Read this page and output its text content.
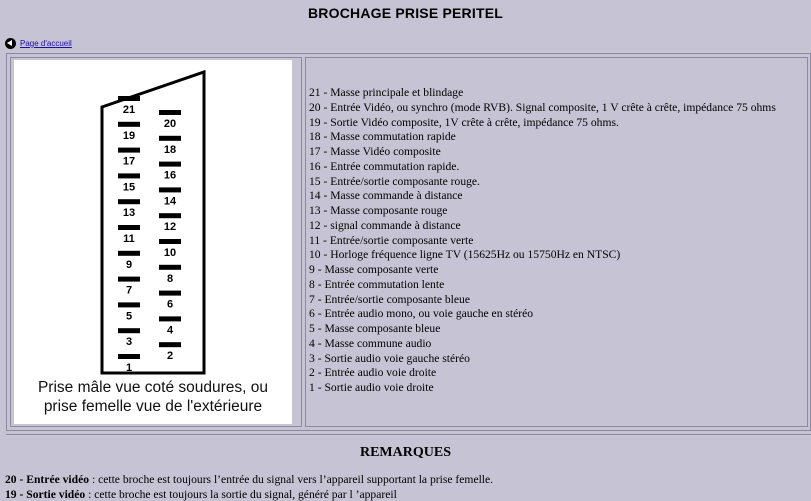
BROCHAGE PRISE PERITEL
Page d'accueil
21
19
17
15
13
11
9
7
5
3
1
20
18
16
14
12
10
8
6
4
2
Prise mâle vue coté soudures, ou
prise femelle vue de l'extérieure
21 - Masse principale et blindage
20 - Entrée Vidéo, ou synchro (mode RVB). Signal composite, 1 V crête à crête, impédance 75 ohms
19 - Sortie Vidéo composite, 1V crête à crête, impédance 75 ohms.
18 - Masse commutation rapide
17 - Masse Vidéo composite
16 - Entrée commutation rapide.
15 - Entrée/sortie composante rouge.
14 - Masse commande à distance
13 - Masse composante rouge
12 - signal commande à distance
11 - Entrée/sortie composante verte
10 - Horloge fréquence ligne TV (15625Hz ou 15750Hz en NTSC)
9 - Masse composante verte
8 - Entrée commutation lente
7 - Entrée/sortie composante bleue
6 - Entrée audio mono, ou voie gauche en stéréo
5 - Masse composante bleue
4 - Masse commune audio
3 - Sortie audio voie gauche stéréo
2 - Entrée audio voie droite
1 - Sortie audio voie droite
REMARQUES
20 - Entrée vidéo : cette broche est toujours l’entrée du signal vers l’appareil supportant la prise femelle.
19 - Sortie vidéo : cette broche est toujours la sortie du signal, généré par l ’appareil
